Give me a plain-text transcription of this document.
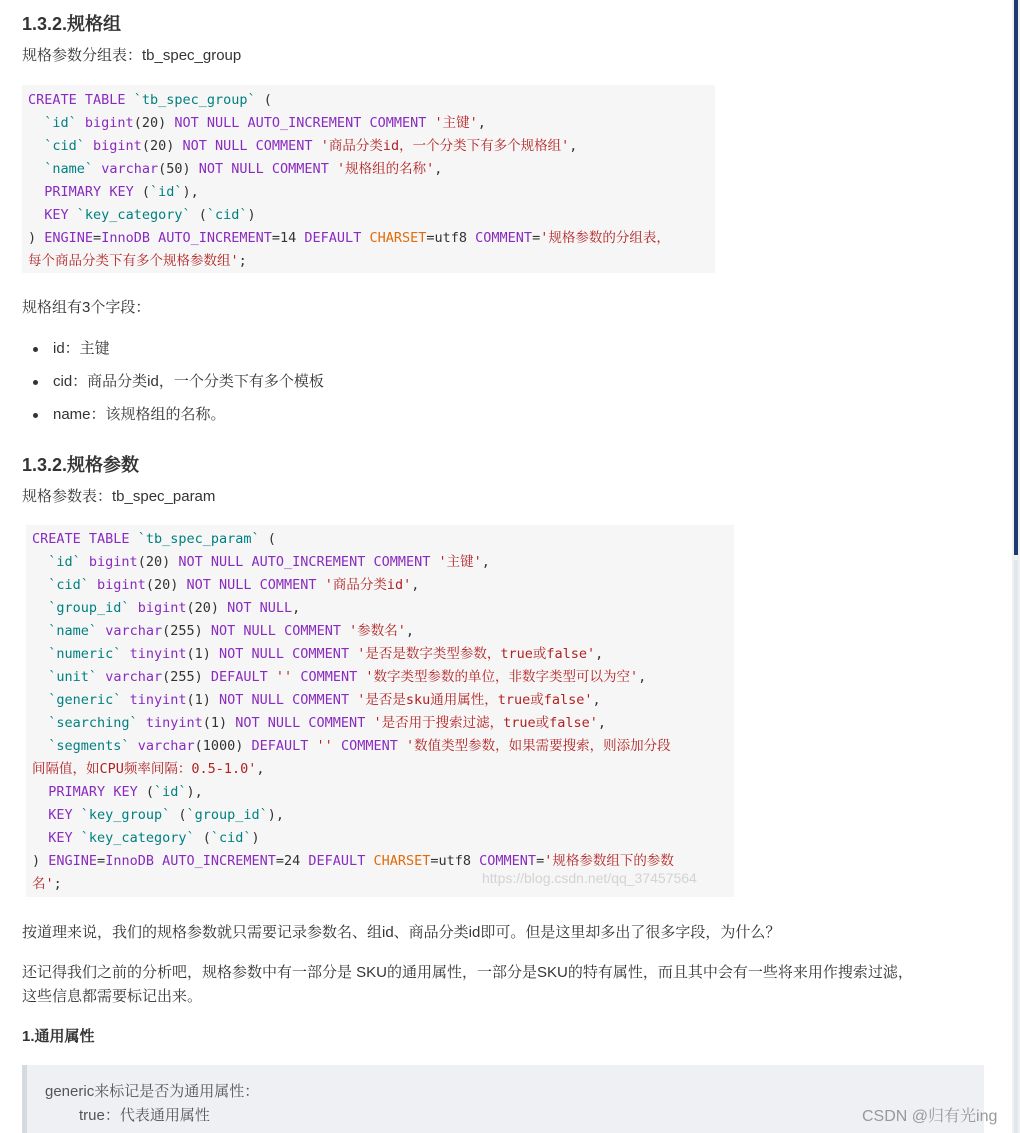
1.3.2.规格组
规格参数分组表：tb_spec_group
CREATE TABLE `tb_spec_group` (
`id` bigint(20) NOT NULL AUTO_INCREMENT COMMENT '主键',
`cid` bigint(20) NOT NULL COMMENT '商品分类id，一个分类下有多个规格组',
`name` varchar(50) NOT NULL COMMENT '规格组的名称',
PRIMARY KEY (`id`),
KEY `key_category` (`cid`)
) ENGINE=InnoDB AUTO_INCREMENT=14 DEFAULT CHARSET=utf8 COMMENT='规格参数的分组表，
每个商品分类下有多个规格参数组';
规格组有3个字段：
id：主键
cid：商品分类id，一个分类下有多个模板
name：该规格组的名称。
1.3.2.规格参数
规格参数表：tb_spec_param
CREATE TABLE `tb_spec_param` (
`id` bigint(20) NOT NULL AUTO_INCREMENT COMMENT '主键',
`cid` bigint(20) NOT NULL COMMENT '商品分类id',
`group_id` bigint(20) NOT NULL,
`name` varchar(255) NOT NULL COMMENT '参数名',
`numeric` tinyint(1) NOT NULL COMMENT '是否是数字类型参数，true或false',
`unit` varchar(255) DEFAULT '' COMMENT '数字类型参数的单位，非数字类型可以为空',
`generic` tinyint(1) NOT NULL COMMENT '是否是sku通用属性，true或false',
`searching` tinyint(1) NOT NULL COMMENT '是否用于搜索过滤，true或false',
`segments` varchar(1000) DEFAULT '' COMMENT '数值类型参数，如果需要搜索，则添加分段
间隔值，如CPU频率间隔：0.5-1.0',
PRIMARY KEY (`id`),
KEY `key_group` (`group_id`),
KEY `key_category` (`cid`)
) ENGINE=InnoDB AUTO_INCREMENT=24 DEFAULT CHARSET=utf8 COMMENT='规格参数组下的参数
名';	https://blog.csdn.net/qq_37457564
按道理来说，我们的规格参数就只需要记录参数名、组id、商品分类id即可。但是这里却多出了很多字段，为什么？
还记得我们之前的分析吧，规格参数中有一部分是 SKU的通用属性，一部分是SKU的特有属性，而且其中会有一些将来用作搜索过滤，
这些信息都需要标记出来。
1.通用属性
generic来标记是否为通用属性：
true：代表通用属性	CSDN @归有光ing
